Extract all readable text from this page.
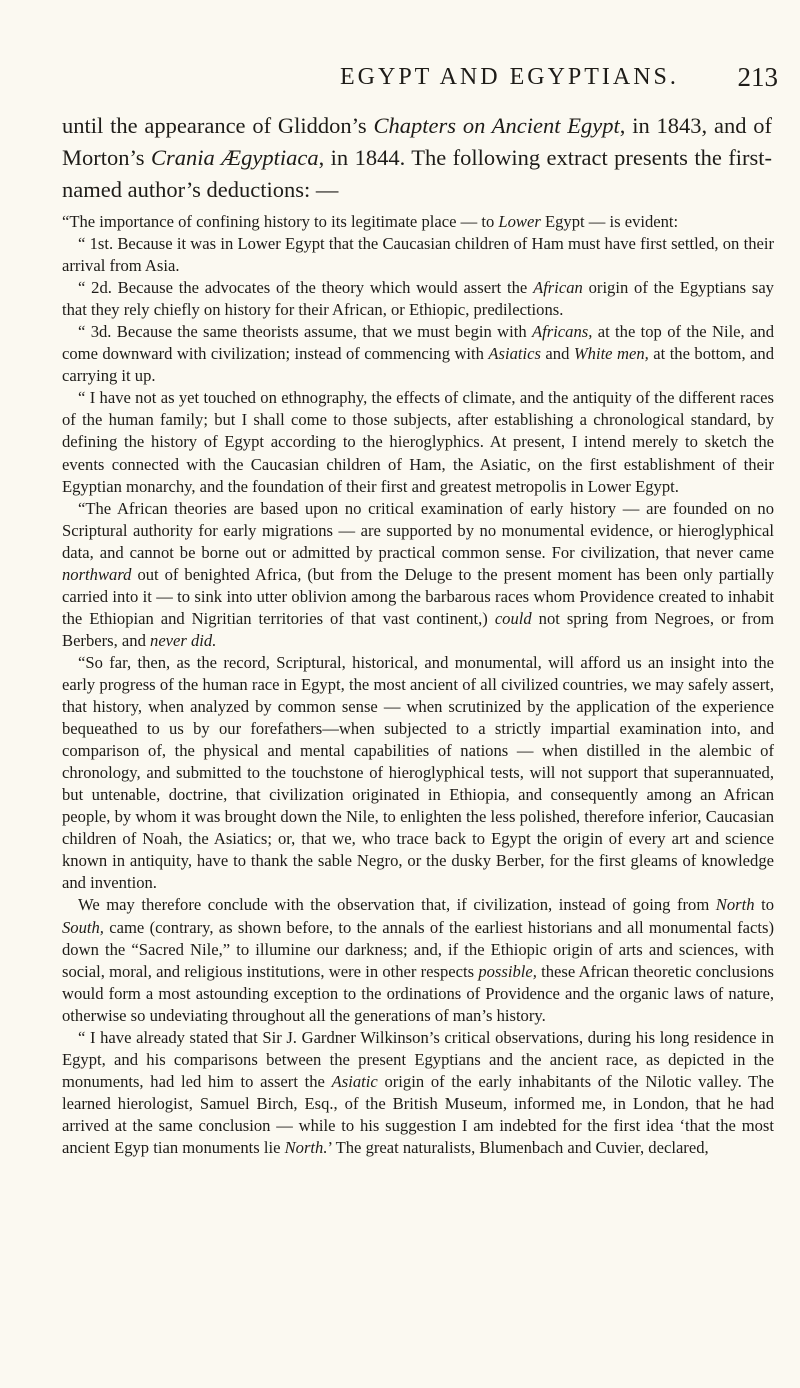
EGYPT AND EGYPTIANS. 213
until the appearance of Gliddon’s Chapters on Ancient Egypt, in 1843, and of Morton’s Crania Ægyptiaca, in 1844. The following extract presents the first-named author’s deductions: —

“The importance of confining history to its legitimate place — to Lower Egypt — is evident:

“ 1st. Because it was in Lower Egypt that the Caucasian children of Ham must have first settled, on their arrival from Asia.

“ 2d. Because the advocates of the theory which would assert the African origin of the Egyptians say that they rely chiefly on history for their African, or Ethiopic, predilections.

“ 3d. Because the same theorists assume, that we must begin with Africans, at the top of the Nile, and come downward with civilization; instead of commencing with Asiatics and White men, at the bottom, and carrying it up.

“ I have not as yet touched on ethnography, the effects of climate, and the antiquity of the different races of the human family; but I shall come to those subjects, after establishing a chronological standard, by defining the history of Egypt according to the hieroglyphics. At present, I intend merely to sketch the events connected with the Caucasian children of Ham, the Asiatic, on the first establishment of their Egyptian monarchy, and the foundation of their first and greatest metropolis in Lower Egypt.

“The African theories are based upon no critical examination of early history — are founded on no Scriptural authority for early migrations — are supported by no monumental evidence, or hieroglyphical data, and cannot be borne out or admitted by practical common sense. For civilization, that never came northward out of benighted Africa, (but from the Deluge to the present moment has been only partially carried into it — to sink into utter oblivion among the barbarous races whom Providence created to inhabit the Ethiopian and Nigritian territories of that vast continent,) could not spring from Negroes, or from Berbers, and never did.

“So far, then, as the record, Scriptural, historical, and monumental, will afford us an insight into the early progress of the human race in Egypt, the most ancient of all civilized countries, we may safely assert, that history, when analyzed by common sense — when scrutinized by the application of the experience bequeathed to us by our forefathers—when subjected to a strictly impartial examination into, and comparison of, the physical and mental capabilities of nations — when distilled in the alembic of chronology, and submitted to the touchstone of hieroglyphical tests, will not support that superannuated, but untenable, doctrine, that civilization originated in Ethiopia, and consequently among an African people, by whom it was brought down the Nile, to enlighten the less polished, therefore inferior, Caucasian children of Noah, the Asiatics; or, that we, who trace back to Egypt the origin of every art and science known in antiquity, have to thank the sable Negro, or the dusky Berber, for the first gleams of knowledge and invention.

We may therefore conclude with the observation that, if civilization, instead of going from North to South, came (contrary, as shown before, to the annals of the earliest historians and all monumental facts) down the “Sacred Nile,” to illumine our darkness; and, if the Ethiopic origin of arts and sciences, with social, moral, and religious institutions, were in other respects possible, these African theoretic conclusions would form a most astounding exception to the ordinations of Providence and the organic laws of nature, otherwise so undeviating throughout all the generations of man’s history.

“ I have already stated that Sir J. Gardner Wilkinson’s critical observations, during his long residence in Egypt, and his comparisons between the present Egyptians and the ancient race, as depicted in the monuments, had led him to assert the Asiatic origin of the early inhabitants of the Nilotic valley. The learned hierologist, Samuel Birch, Esq., of the British Museum, informed me, in London, that he had arrived at the same conclusion — while to his suggestion I am indebted for the first idea ‘that the most ancient Egyp tian monuments lie North.’ The great naturalists, Blumenbach and Cuvier, declared,
